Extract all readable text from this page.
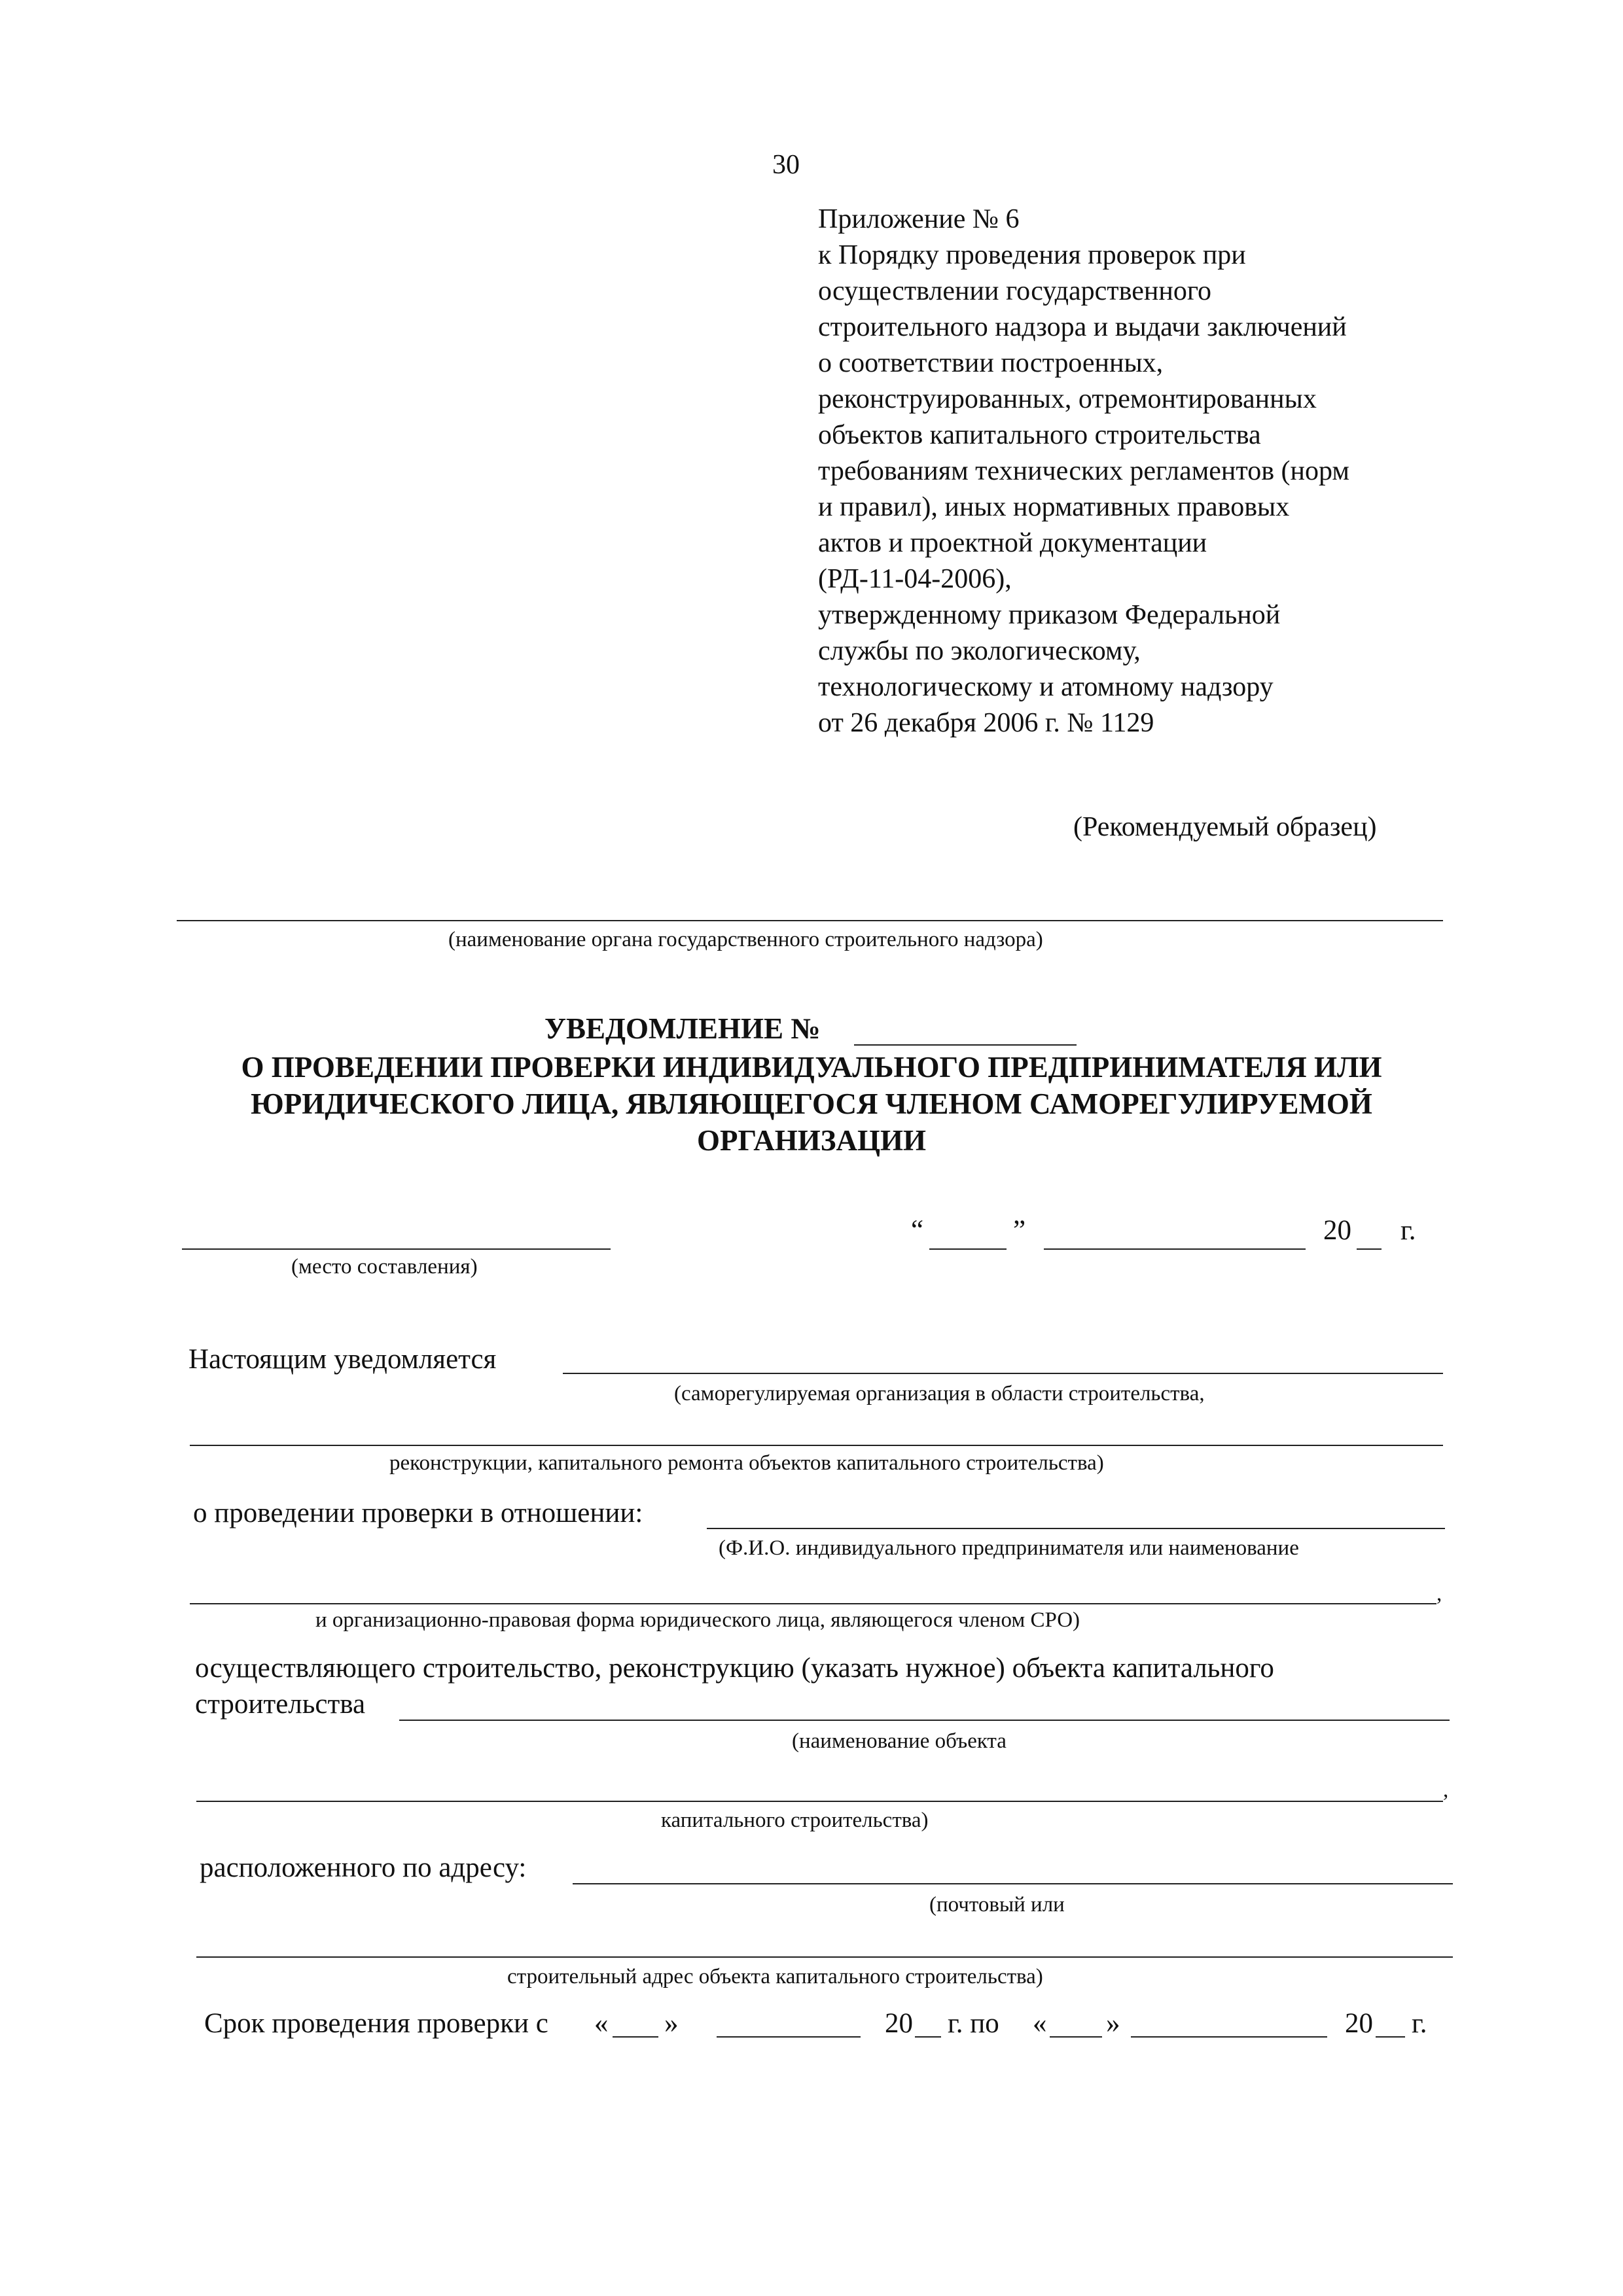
30
Приложение № 6
к Порядку проведения проверок при
осуществлении государственного
строительного надзора и выдачи заключений
о соответствии построенных,
реконструированных, отремонтированных
объектов капитального строительства
требованиям технических регламентов (норм
и правил), иных нормативных правовых
актов и проектной документации
(РД-11-04-2006),
утвержденному приказом Федеральной
службы по экологическому,
технологическому и атомному надзору
от 26 декабря 2006 г. № 1129
(Рекомендуемый образец)
(наименование органа государственного строительного надзора)
УВЕДОМЛЕНИЕ №
О ПРОВЕДЕНИИ ПРОВЕРКИ ИНДИВИДУАЛЬНОГО ПРЕДПРИНИМАТЕЛЯ ИЛИ
ЮРИДИЧЕСКОГО ЛИЦА, ЯВЛЯЮЩЕГОСЯ ЧЛЕНОМ САМОРЕГУЛИРУЕМОЙ
ОРГАНИЗАЦИИ
(место составления)
“	”	20 г.
Настоящим уведомляется
(саморегулируемая организация в области строительства,
реконструкции, капитального ремонта объектов капитального строительства)
о проведении проверки в отношении:
(Ф.И.О. индивидуального предпринимателя или наименование
,
и организационно-правовая форма юридического лица, являющегося членом СРО)
осуществляющего строительство, реконструкцию (указать нужное) объекта капитального
строительства
(наименование объекта
,
капитального строительства)
расположенного по адресу:
(почтовый или
строительный адрес объекта капитального строительства)
Срок проведения проверки с « »	20 г. по « »	20 г.
